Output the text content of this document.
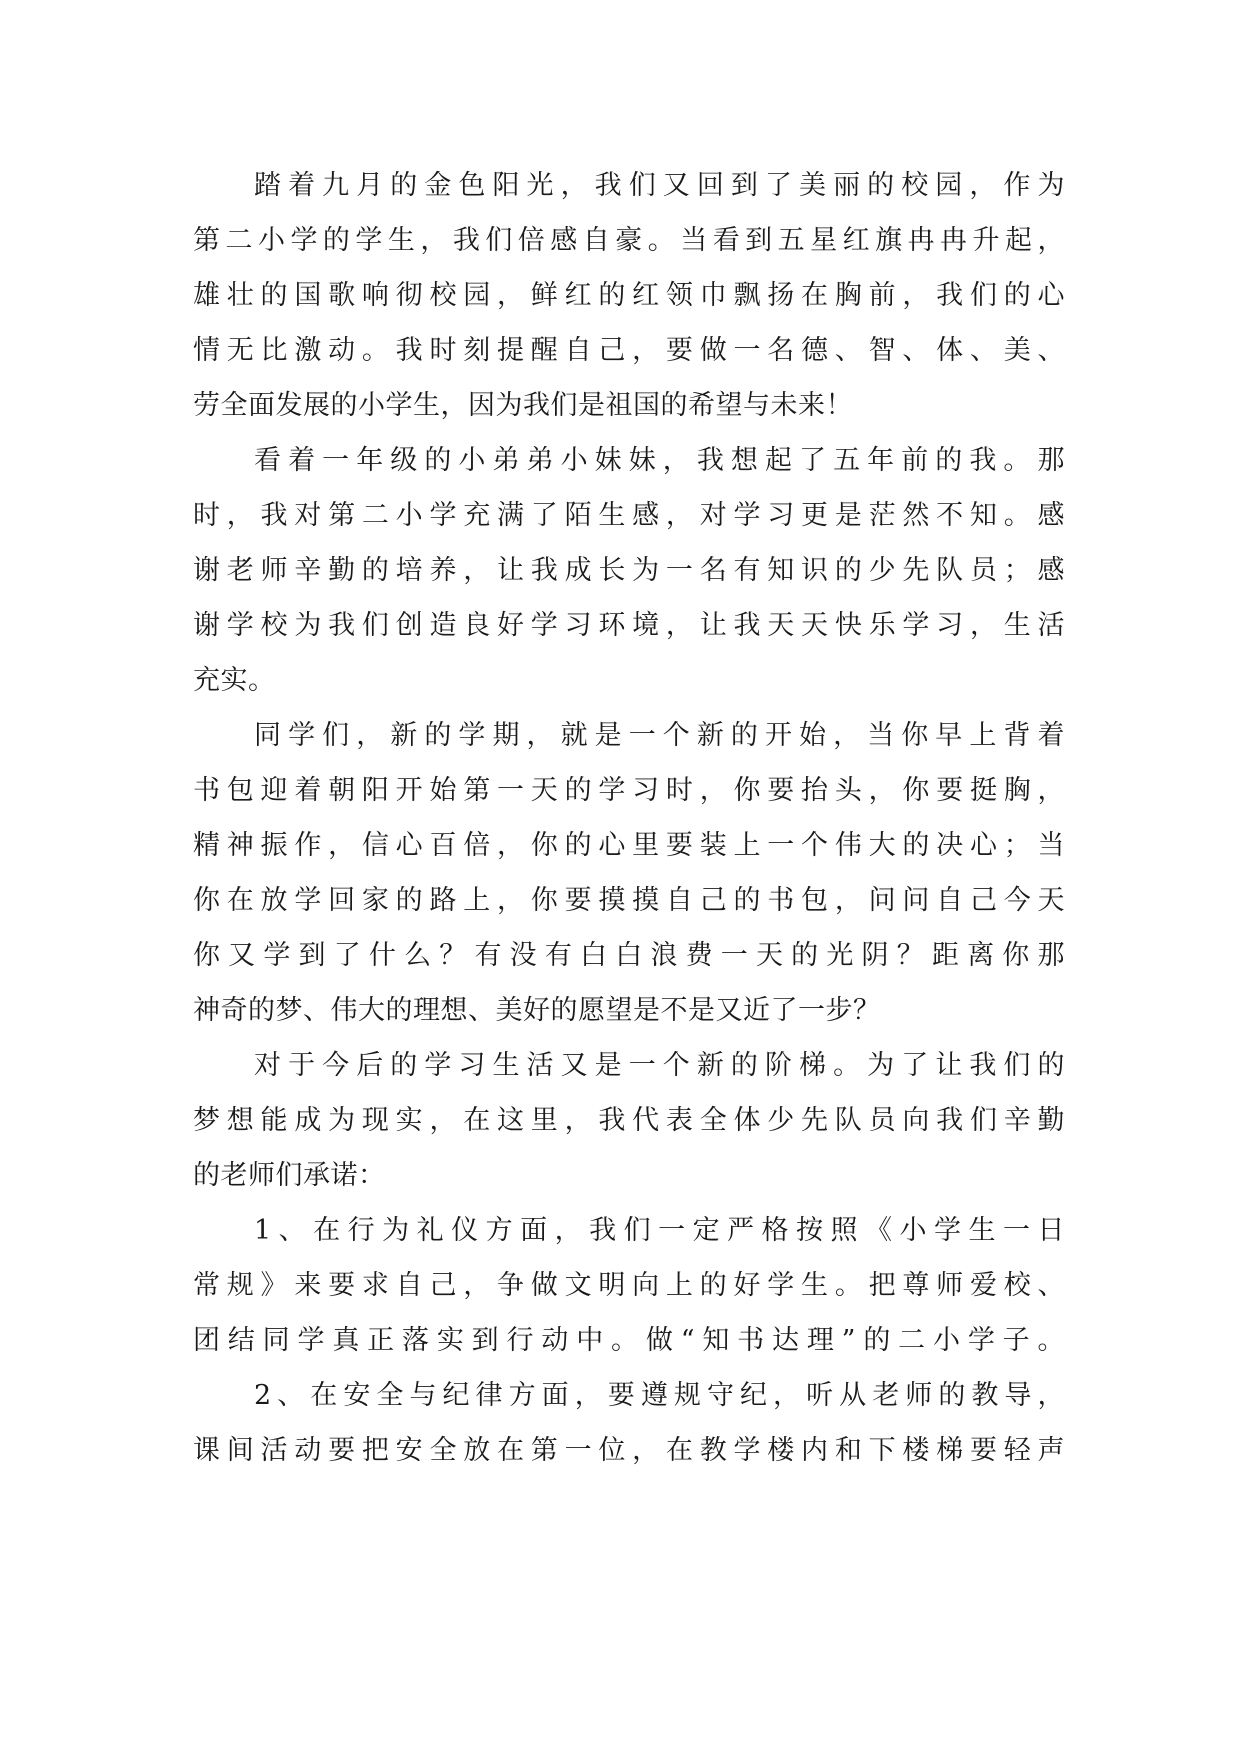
踏着九月的金色阳光，我们又回到了美丽的校园，作为
第二小学的学生，我们倍感自豪。当看到五星红旗冉冉升起，
雄壮的国歌响彻校园，鲜红的红领巾飘扬在胸前，我们的心
情无比激动。我时刻提醒自己，要做一名德、智、体、美、
劳全面发展的小学生，因为我们是祖国的希望与未来！
看着一年级的小弟弟小妹妹，我想起了五年前的我。那
时，我对第二小学充满了陌生感，对学习更是茫然不知。感
谢老师辛勤的培养，让我成长为一名有知识的少先队员；感
谢学校为我们创造良好学习环境，让我天天快乐学习，生活
充实。
同学们，新的学期，就是一个新的开始，当你早上背着
书包迎着朝阳开始第一天的学习时，你要抬头，你要挺胸，
精神振作，信心百倍，你的心里要装上一个伟大的决心；当
你在放学回家的路上，你要摸摸自己的书包，问问自己今天
你又学到了什么？有没有白白浪费一天的光阴？距离你那
神奇的梦、伟大的理想、美好的愿望是不是又近了一步？
对于今后的学习生活又是一个新的阶梯。为了让我们的
梦想能成为现实，在这里，我代表全体少先队员向我们辛勤
的老师们承诺：
1、在行为礼仪方面，我们一定严格按照《小学生一日
常规》来要求自己，争做文明向上的好学生。把尊师爱校、
团结同学真正落实到行动中。做“知书达理”的二小学子。
2、在安全与纪律方面，要遵规守纪，听从老师的教导，
课间活动要把安全放在第一位，在教学楼内和下楼梯要轻声
